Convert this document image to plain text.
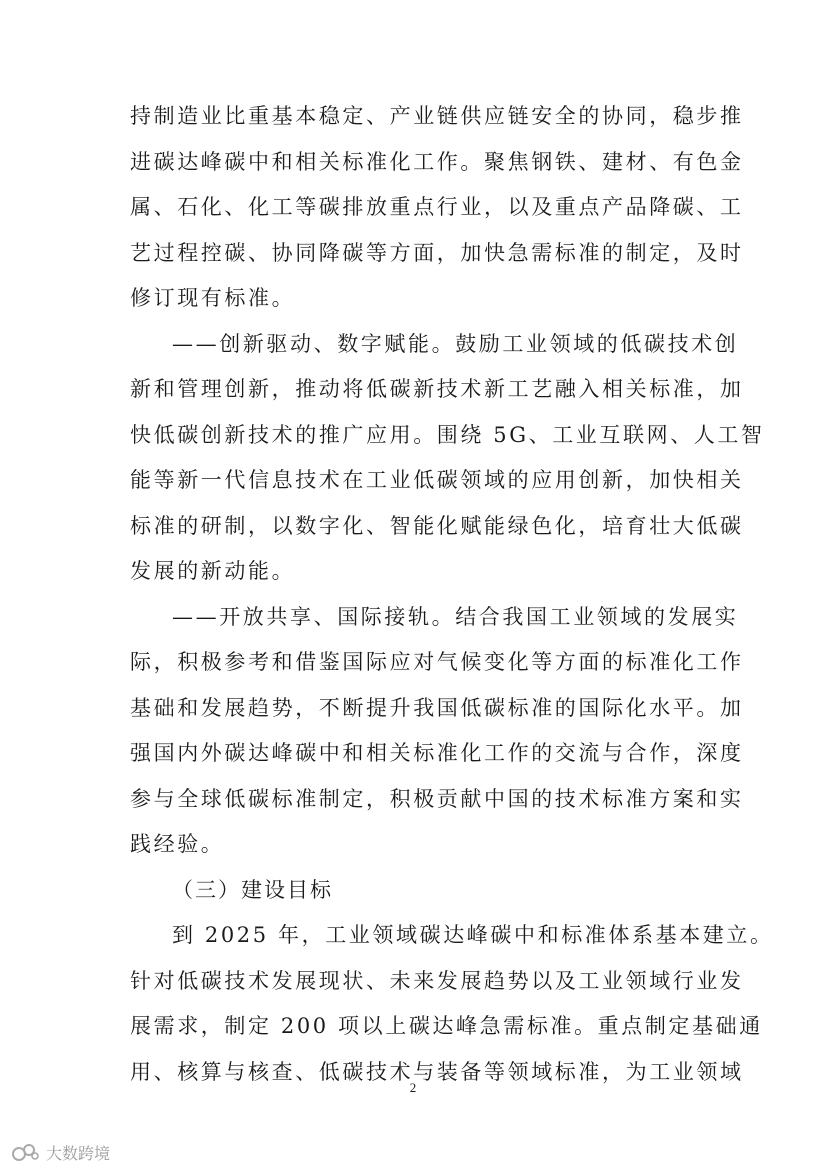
持制造业比重基本稳定、产业链供应链安全的协同，稳步推
进碳达峰碳中和相关标准化工作。聚焦钢铁、建材、有色金
属、石化、化工等碳排放重点行业，以及重点产品降碳、工
艺过程控碳、协同降碳等方面，加快急需标准的制定，及时
修订现有标准。
——创新驱动、数字赋能。鼓励工业领域的低碳技术创
新和管理创新，推动将低碳新技术新工艺融入相关标准，加
快低碳创新技术的推广应用。围绕 5G、工业互联网、人工智
能等新一代信息技术在工业低碳领域的应用创新，加快相关
标准的研制，以数字化、智能化赋能绿色化，培育壮大低碳
发展的新动能。
——开放共享、国际接轨。结合我国工业领域的发展实
际，积极参考和借鉴国际应对气候变化等方面的标准化工作
基础和发展趋势，不断提升我国低碳标准的国际化水平。加
强国内外碳达峰碳中和相关标准化工作的交流与合作，深度
参与全球低碳标准制定，积极贡献中国的技术标准方案和实
践经验。
（三）建设目标
到 2025 年，工业领域碳达峰碳中和标准体系基本建立。
针对低碳技术发展现状、未来发展趋势以及工业领域行业发
展需求，制定 200 项以上碳达峰急需标准。重点制定基础通
用、核算与核查、低碳技术与装备等领域标准，为工业领域
2
大数跨境
